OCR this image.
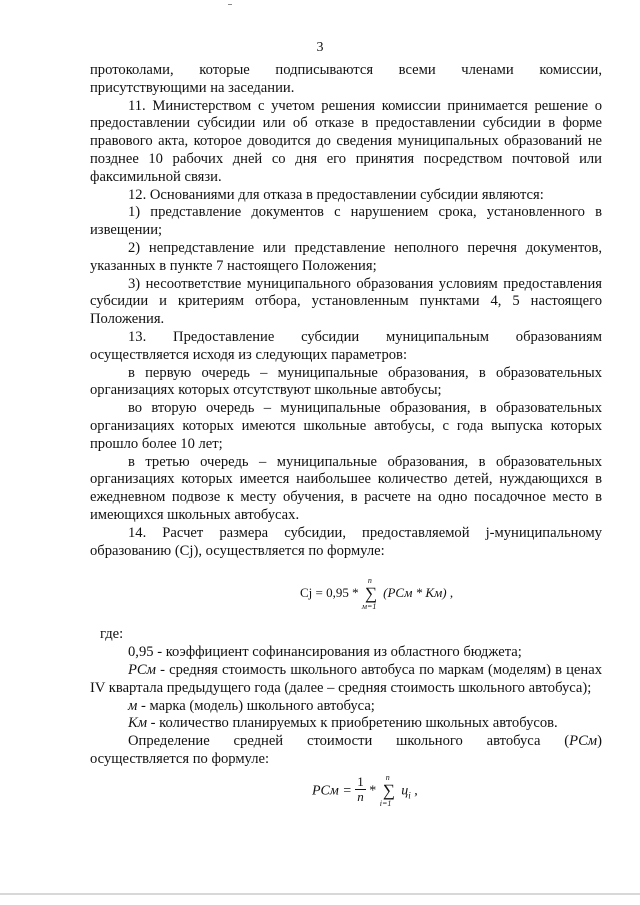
3

протоколами, которые подписываются всеми членами комиссии, присутствующими на заседании.

11. Министерством с учетом решения комиссии принимается решение о предоставлении субсидии или об отказе в предоставлении субсидии в форме правового акта, которое доводится до сведения муниципальных образований не позднее 10 рабочих дней со дня его принятия посредством почтовой или факсимильной связи.

12. Основаниями для отказа в предоставлении субсидии являются:

1) представление документов с нарушением срока, установленного в извещении;

2) непредставление или представление неполного перечня документов, указанных в пункте 7 настоящего Положения;

3) несоответствие муниципального образования условиям предоставления субсидии и критериям отбора, установленным пунктами 4, 5 настоящего Положения.

13. Предоставление субсидии муниципальным образованиям осуществляется исходя из следующих параметров:

в первую очередь – муниципальные образования, в образовательных организациях которых отсутствуют школьные автобусы;

во вторую очередь – муниципальные образования, в образовательных организациях которых имеются школьные автобусы, с года выпуска которых прошло более 10 лет;

в третью очередь – муниципальные образования, в образовательных организациях которых имеется наибольшее количество детей, нуждающихся в ежедневном подвозе к месту обучения, в расчете на одно посадочное место в имеющихся школьных автобусах.

14. Расчет размера субсидии, предоставляемой j-муниципальному образованию (Cj), осуществляется по формуле:

Cj = 0,95 * ∑
n
м=1
(РСм * Км) ,

где:

0,95 - коэффициент софинансирования из областного бюджета;

РСм - средняя стоимость школьного автобуса по маркам (моделям) в ценах IV квартала предыдущего года (далее – средняя стоимость школьного автобуса);

м - марка (модель) школьного автобуса;

Км - количество планируемых к приобретению школьных автобусов.

Определение средней стоимости школьного автобуса (РСм) осуществляется по формуле:

РСм = $\frac{1}{n}$ * ∑
n
i=1
$ц_i$ ,
